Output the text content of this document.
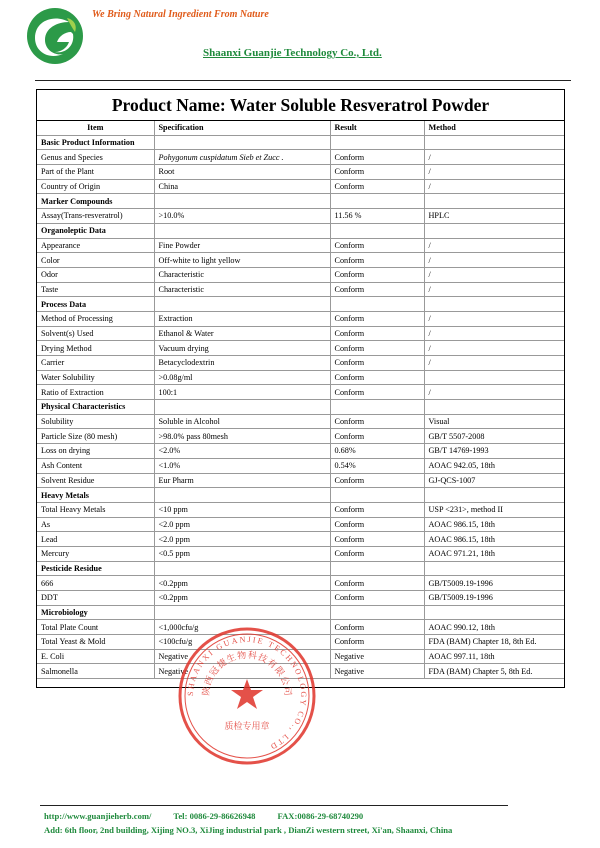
We Bring Natural Ingredient From Nature
Shaanxi Guanjie Technology Co., Ltd.
Product Name: Water Soluble Resveratrol Powder
Item	Specification	Result	Method
Basic Product Information			
Genus and Species	Pohygonum cuspidatum Sieb et Zucc .	Conform	/
Part of the Plant	Root	Conform	/
Country of Origin	China	Conform	/
Marker Compounds			
Assay(Trans-resveratrol)	>10.0%	11.56 %	HPLC
Organoleptic Data			
Appearance	Fine Powder	Conform	/
Color	Off-white to light yellow	Conform	/
Odor	Characteristic	Conform	/
Taste	Characteristic	Conform	/
Process Data			
Method of Processing	Extraction	Conform	/
Solvent(s) Used	Ethanol & Water	Conform	/
Drying Method	Vacuum drying	Conform	/
Carrier	Betacyclodextrin	Conform	/
Water Solubility	>0.08g/ml	Conform	
Ratio of Extraction	100:1	Conform	/
Physical Characteristics			
Solubility	Soluble in Alcohol	Conform	Visual
Particle Size (80 mesh)	>98.0% pass 80mesh	Conform	GB/T 5507-2008
Loss on drying	<2.0%	0.68%	GB/T 14769-1993
Ash Content	<1.0%	0.54%	AOAC 942.05, 18th
Solvent Residue	Eur Pharm	Conform	GJ-QCS-1007
Heavy Metals			
Total Heavy Metals	<10 ppm	Conform	USP <231>, method II
As	<2.0 ppm	Conform	AOAC 986.15, 18th
Lead	<2.0 ppm	Conform	AOAC 986.15, 18th
Mercury	<0.5 ppm	Conform	AOAC 971.21, 18th
Pesticide Residue			
666	<0.2ppm	Conform	GB/T5009.19-1996
DDT	<0.2ppm	Conform	GB/T5009.19-1996
Microbiology			
Total Plate Count	<1,000cfu/g	Conform	AOAC 990.12, 18th
Total Yeast & Mold	<100cfu/g	Conform	FDA (BAM) Chapter 18, 8th Ed.
E. Coli	Negative	Negative	AOAC 997.11, 18th
Salmonella	Negative	Negative	FDA (BAM) Chapter 5, 8th Ed.
SHAANXI GUANJIE TECHNOLOGY CO., LTD
陕西冠捷生物科技有限公司
质检专用章
http://www.guanjieherb.com/	Tel: 0086-29-86626948	FAX:0086-29-68740290
Add: 6th floor, 2nd building, Xijing NO.3, XiJing industrial park , DianZi western street, Xi'an, Shaanxi, China
